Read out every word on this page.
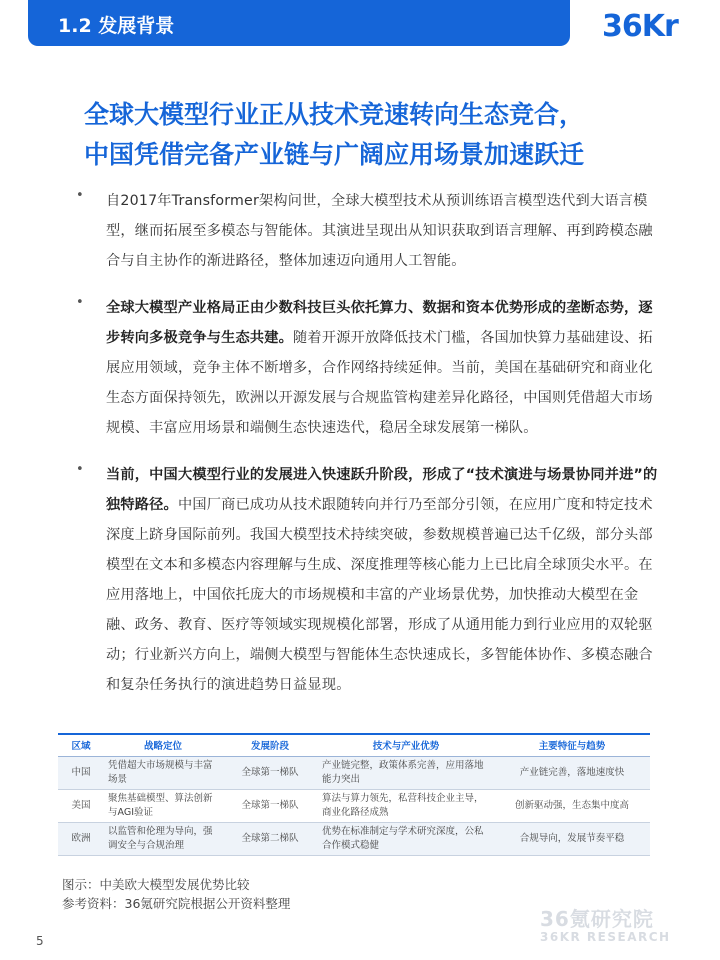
1.2 发展背景	36Kr
全球大模型行业正从技术竞速转向生态竞合，
中国凭借完备产业链与广阔应用场景加速跃迁
• 自2017年Transformer架构问世，全球大模型技术从预训练语言模型迭代到大语言模型，继而拓展至多模态与智能体。其演进呈现出从知识获取到语言理解、再到跨模态融合与自主协作的渐进路径，整体加速迈向通用人工智能。
• 全球大模型产业格局正由少数科技巨头依托算力、数据和资本优势形成的垄断态势，逐步转向多极竞争与生态共建。随着开源开放降低技术门槛，各国加快算力基础建设、拓展应用领域，竞争主体不断增多，合作网络持续延伸。当前，美国在基础研究和商业化生态方面保持领先，欧洲以开源发展与合规监管构建差异化路径，中国则凭借超大市场规模、丰富应用场景和端侧生态快速迭代，稳居全球发展第一梯队。
• 当前，中国大模型行业的发展进入快速跃升阶段，形成了“技术演进与场景协同并进”的独特路径。中国厂商已成功从技术跟随转向并行乃至部分引领，在应用广度和特定技术深度上跻身国际前列。我国大模型技术持续突破，参数规模普遍已达千亿级，部分头部模型在文本和多模态内容理解与生成、深度推理等核心能力上已比肩全球顶尖水平。在应用落地上，中国依托庞大的市场规模和丰富的产业场景优势，加快推动大模型在金融、政务、教育、医疗等领域实现规模化部署，形成了从通用能力到行业应用的双轮驱动；行业新兴方向上，端侧大模型与智能体生态快速成长，多智能体协作、多模态融合和复杂任务执行的演进趋势日益显现。
区域	战略定位	发展阶段	技术与产业优势	主要特征与趋势
中国	凭借超大市场规模与丰富场景	全球第一梯队	产业链完整，政策体系完善，应用落地能力突出	产业链完善，落地速度快
美国	聚焦基础模型、算法创新与AGI验证	全球第一梯队	算法与算力领先，私营科技企业主导，商业化路径成熟	创新驱动强，生态集中度高
欧洲	以监管和伦理为导向，强调安全与合规治理	全球第二梯队	优势在标准制定与学术研究深度，公私合作模式稳健	合规导向，发展节奏平稳
图示：中美欧大模型发展优势比较
参考资料：36氪研究院根据公开资料整理
36氪研究院
36KR RESEARCH
5
